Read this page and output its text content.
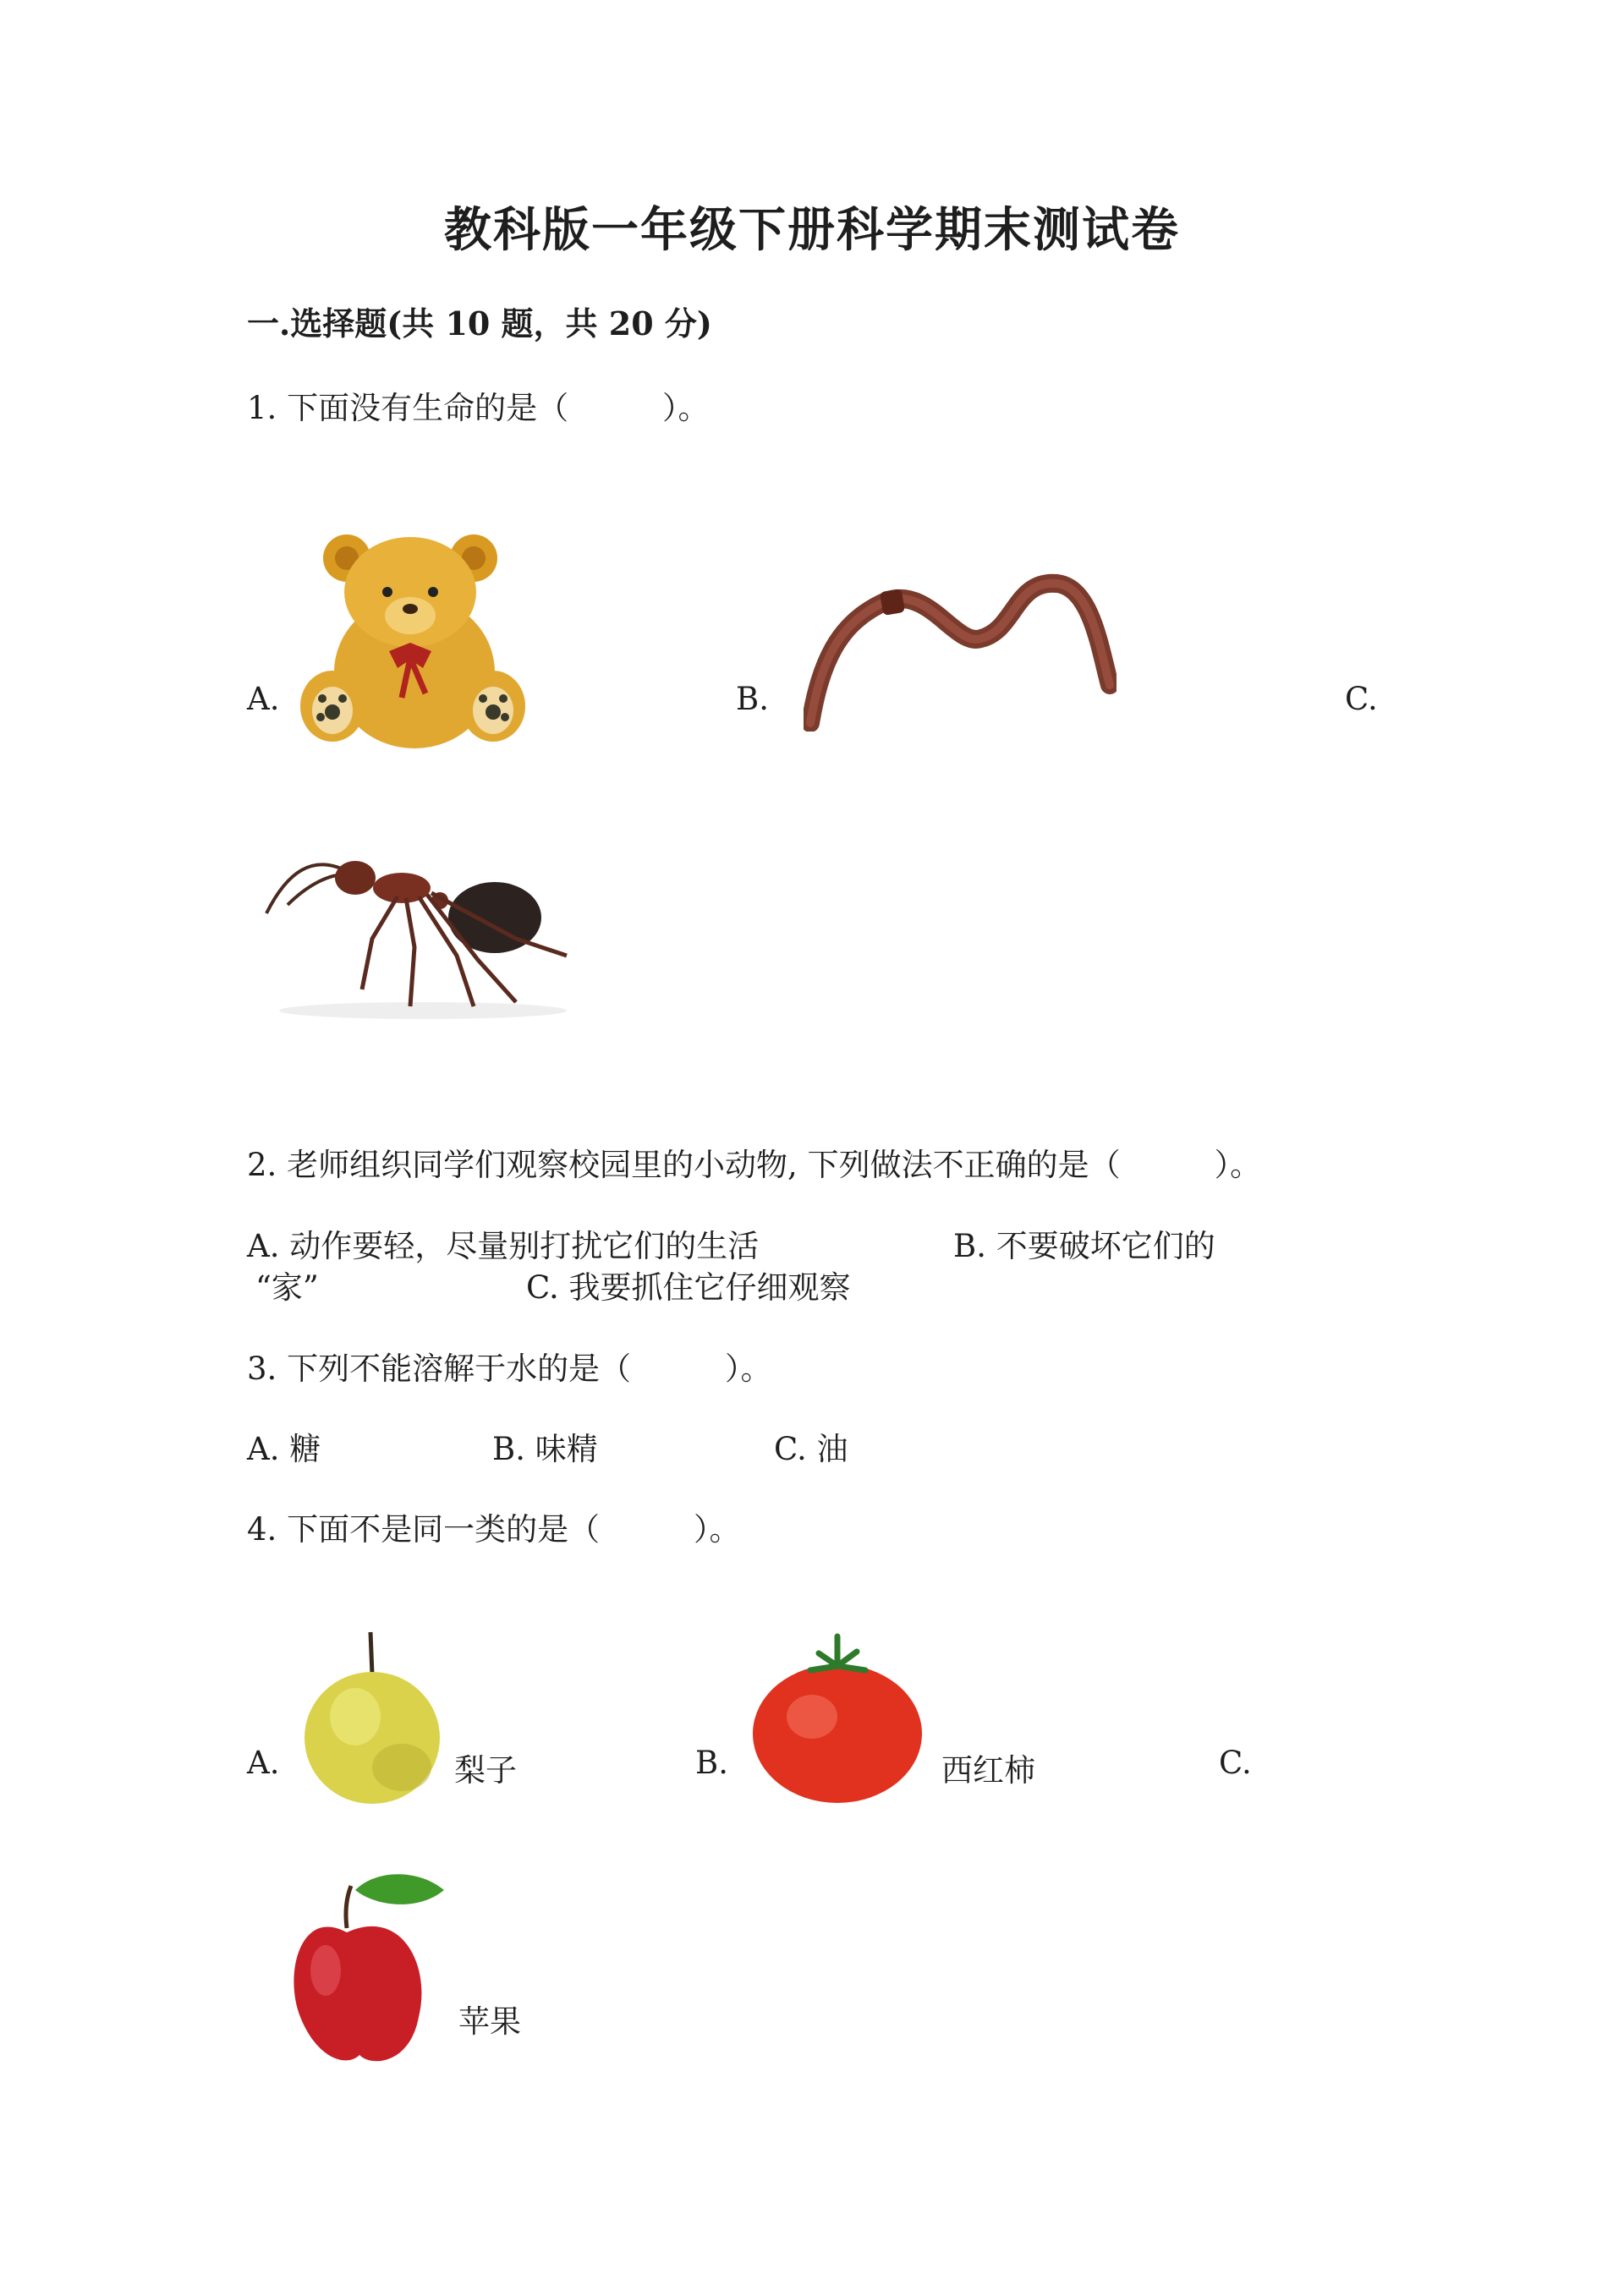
教科版一年级下册科学期末测试卷
一.选择题(共 10 题，共 20 分)
1. 下面没有生命的是（　　　）。
A.	B.	C.
2. 老师组织同学们观察校园里的小动物, 下列做法不正确的是（　　　）。
A. 动作要轻，尽量别打扰它们的生活	B. 不要破坏它们的
“家”	C. 我要抓住它仔细观察
3. 下列不能溶解于水的是（　　　）。
A. 糖	B. 味精	C. 油
4. 下面不是同一类的是（　　　）。
A.	梨子	B.	西红柿	C.
苹果
